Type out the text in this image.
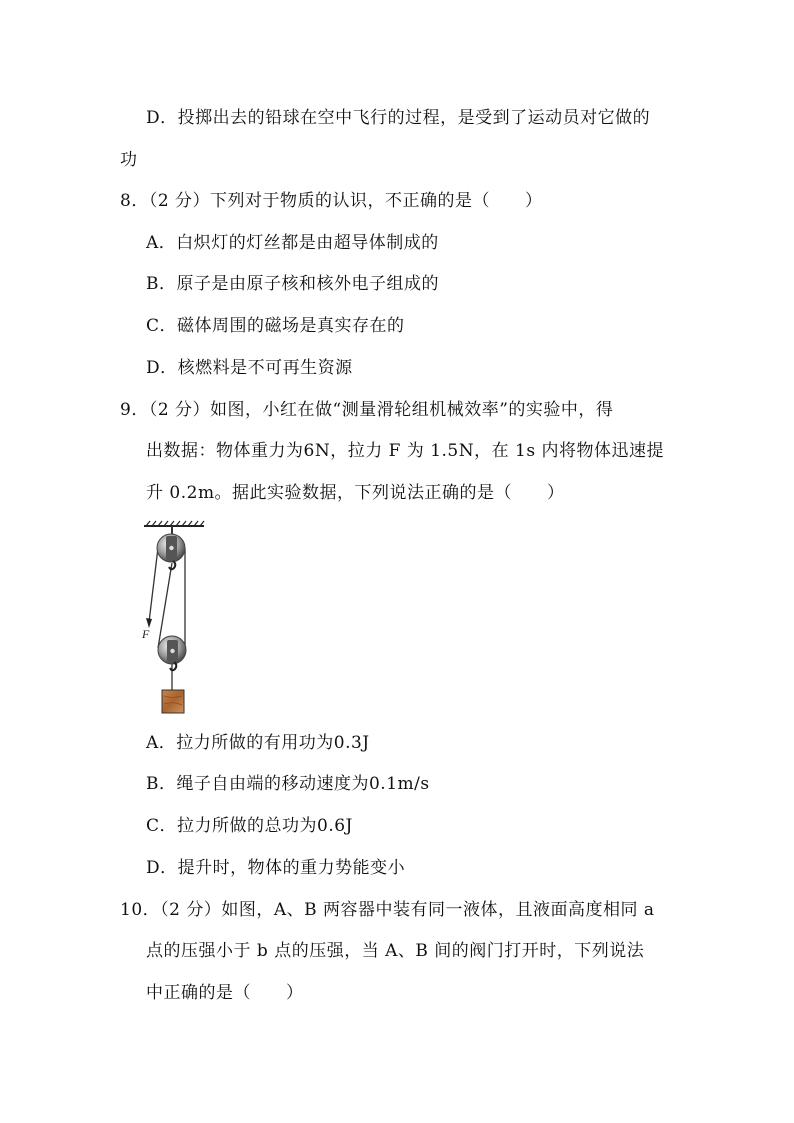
D．投掷出去的铅球在空中飞行的过程，是受到了运动员对它做的
功
8．（2 分）下列对于物质的认识，不正确的是（　　）
A．白炽灯的灯丝都是由超导体制成的
B．原子是由原子核和核外电子组成的
C．磁体周围的磁场是真实存在的
D．核燃料是不可再生资源
9．（2 分）如图，小红在做“测量滑轮组机械效率”的实验中，得
出数据：物体重力为6N，拉力 F 为 1.5N，在 1s 内将物体迅速提
升 0.2m。据此实验数据，下列说法正确的是（　　）
F
A．拉力所做的有用功为0.3J
B．绳子自由端的移动速度为0.1m/s
C．拉力所做的总功为0.6J
D．提升时，物体的重力势能变小
10．（2 分）如图，A、B 两容器中装有同一液体，且液面高度相同 a
点的压强小于 b 点的压强，当 A、B 间的阀门打开时，下列说法
中正确的是（　　）
